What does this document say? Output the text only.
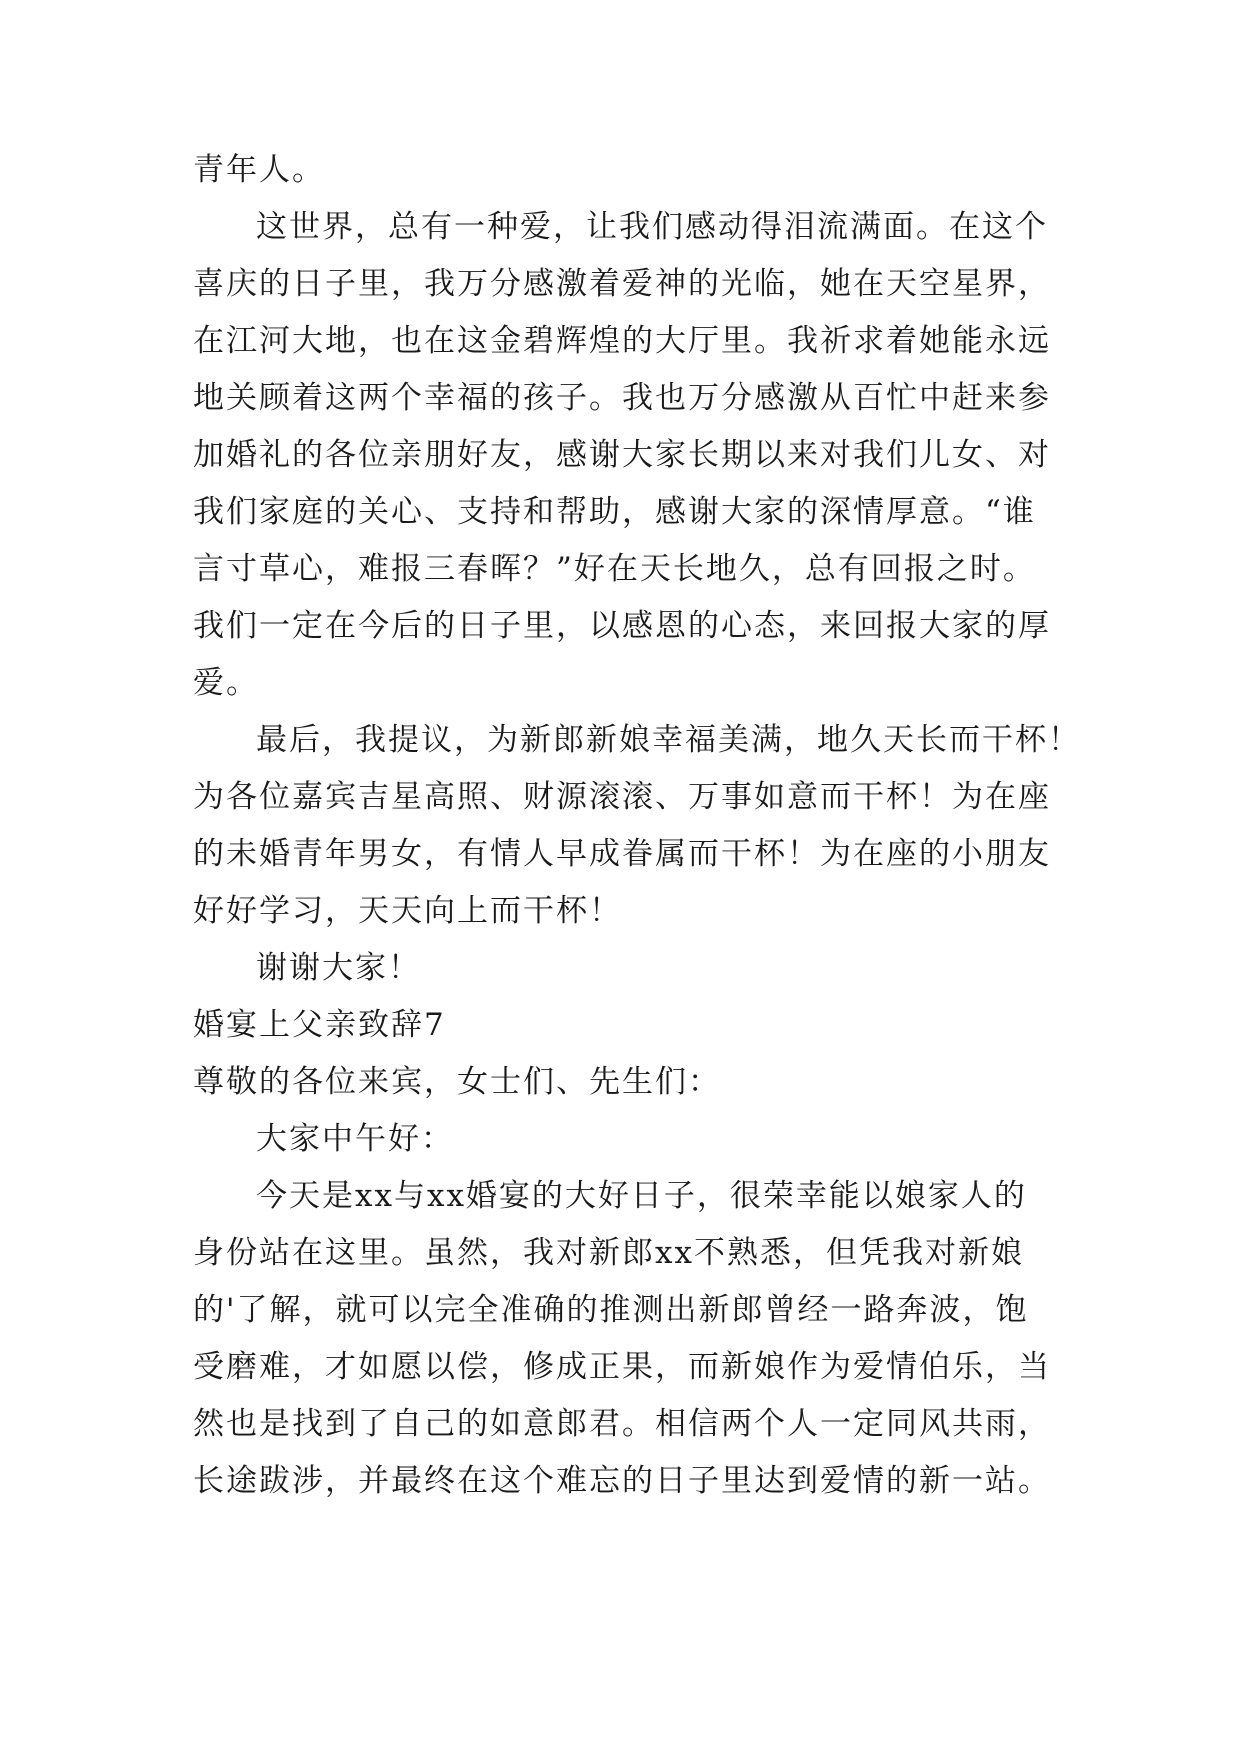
青年人。
这世界，总有一种爱，让我们感动得泪流满面。在这个
喜庆的日子里，我万分感激着爱神的光临，她在天空星界，
在江河大地，也在这金碧辉煌的大厅里。我祈求着她能永远
地关顾着这两个幸福的孩子。我也万分感激从百忙中赶来参
加婚礼的各位亲朋好友，感谢大家长期以来对我们儿女、对
我们家庭的关心、支持和帮助，感谢大家的深情厚意。“谁
言寸草心，难报三春晖？”好在天长地久，总有回报之时。
我们一定在今后的日子里，以感恩的心态，来回报大家的厚
爱。
最后，我提议，为新郎新娘幸福美满，地久天长而干杯！
为各位嘉宾吉星高照、财源滚滚、万事如意而干杯！为在座
的未婚青年男女，有情人早成眷属而干杯！为在座的小朋友
好好学习，天天向上而干杯！
谢谢大家！
婚宴上父亲致辞7
尊敬的各位来宾，女士们、先生们：
大家中午好：
今天是xx与xx婚宴的大好日子，很荣幸能以娘家人的
身份站在这里。虽然，我对新郎xx不熟悉，但凭我对新娘
的'了解，就可以完全准确的推测出新郎曾经一路奔波，饱
受磨难，才如愿以偿，修成正果，而新娘作为爱情伯乐，当
然也是找到了自己的如意郎君。相信两个人一定同风共雨，
长途跋涉，并最终在这个难忘的日子里达到爱情的新一站。
